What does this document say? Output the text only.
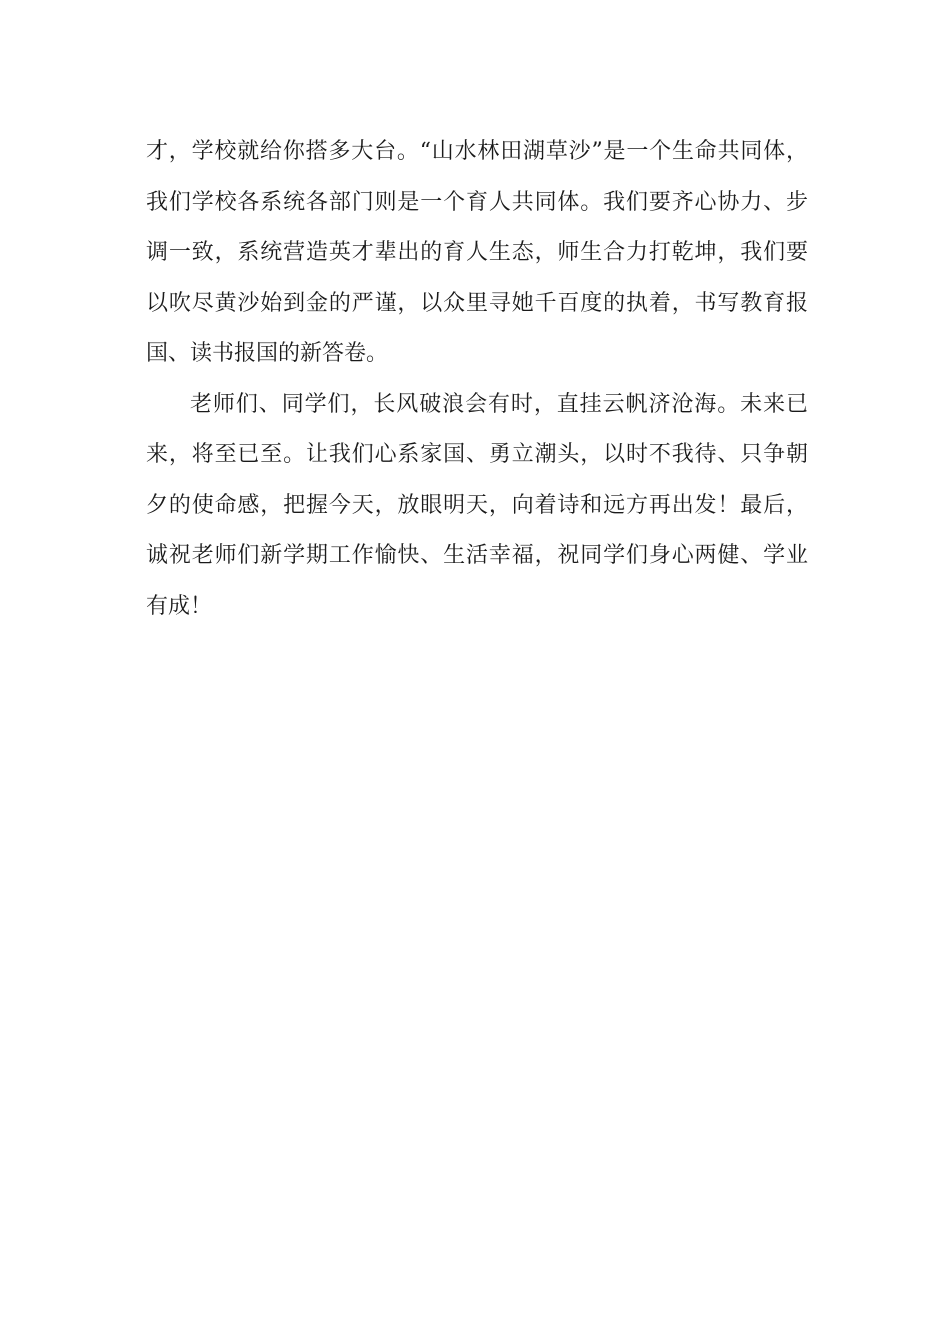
才，学校就给你搭多大台。“山水林田湖草沙”是一个生命共同体，
我们学校各系统各部门则是一个育人共同体。我们要齐心协力、步
调一致，系统营造英才辈出的育人生态，师生合力打乾坤，我们要
以吹尽黄沙始到金的严谨，以众里寻她千百度的执着，书写教育报
国、读书报国的新答卷。
老师们、同学们，长风破浪会有时，直挂云帆济沧海。未来已
来，将至已至。让我们心系家国、勇立潮头，以时不我待、只争朝
夕的使命感，把握今天，放眼明天，向着诗和远方再出发！最后，
诚祝老师们新学期工作愉快、生活幸福，祝同学们身心两健、学业
有成！
